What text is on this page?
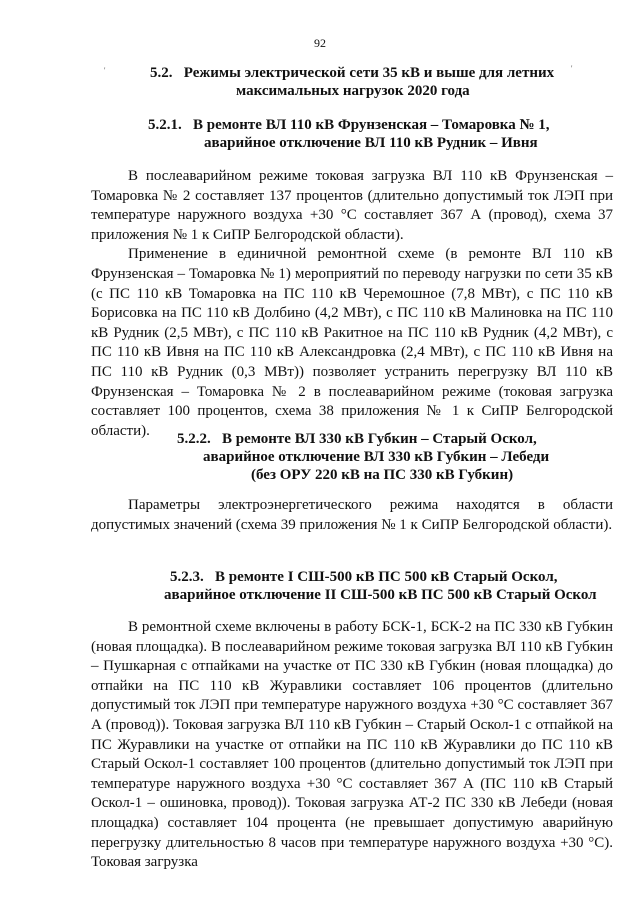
92
5.2. Режимы электрической сети 35 кВ и выше для летних
максимальных нагрузок 2020 года
5.2.1. В ремонте ВЛ 110 кВ Фрунзенская – Томаровка № 1,
аварийное отключение ВЛ 110 кВ Рудник – Ивня

В послеаварийном режиме токовая загрузка ВЛ 110 кВ Фрунзенская – Томаровка № 2 составляет 137 процентов (длительно допустимый ток ЛЭП при температуре наружного воздуха +30 °С составляет 367 А (провод), схема 37 приложения № 1 к СиПР Белгородской области).

Применение в единичной ремонтной схеме (в ремонте ВЛ 110 кВ Фрунзенская – Томаровка № 1) мероприятий по переводу нагрузки по сети 35 кВ (с ПС 110 кВ Томаровка на ПС 110 кВ Черемошное (7,8 МВт), с ПС 110 кВ Борисовка на ПС 110 кВ Долбино (4,2 МВт), с ПС 110 кВ Малиновка на ПС 110 кВ Рудник (2,5 МВт), с ПС 110 кВ Ракитное на ПС 110 кВ Рудник (4,2 МВт), с ПС 110 кВ Ивня на ПС 110 кВ Александровка (2,4 МВт), с ПС 110 кВ Ивня на ПС 110 кВ Рудник (0,3 МВт)) позволяет устранить перегрузку ВЛ 110 кВ Фрунзенская – Томаровка № 2 в послеаварийном режиме (токовая загрузка составляет 100 процентов, схема 38 приложения № 1 к СиПР Белгородской области).

5.2.2. В ремонте ВЛ 330 кВ Губкин – Старый Оскол,
аварийное отключение ВЛ 330 кВ Губкин – Лебеди
(без ОРУ 220 кВ на ПС 330 кВ Губкин)

Параметры электроэнергетического режима находятся в области допустимых значений (схема 39 приложения № 1 к СиПР Белгородской области).

5.2.3. В ремонте I СШ-500 кВ ПС 500 кВ Старый Оскол,
аварийное отключение II СШ-500 кВ ПС 500 кВ Старый Оскол

В ремонтной схеме включены в работу БСК-1, БСК-2 на ПС 330 кВ Губкин (новая площадка). В послеаварийном режиме токовая загрузка ВЛ 110 кВ Губкин – Пушкарная с отпайками на участке от ПС 330 кВ Губкин (новая площадка) до отпайки на ПС 110 кВ Журавлики составляет 106 процентов (длительно допустимый ток ЛЭП при температуре наружного воздуха +30 °С составляет 367 А (провод)). Токовая загрузка ВЛ 110 кВ Губкин – Старый Оскол-1 с отпайкой на ПС Журавлики на участке от отпайки на ПС 110 кВ Журавлики до ПС 110 кВ Старый Оскол-1 составляет 100 процентов (длительно допустимый ток ЛЭП при температуре наружного воздуха +30 °С составляет 367 А (ПС 110 кВ Старый Оскол-1 – ошиновка, провод)). Токовая загрузка АТ-2 ПС 330 кВ Лебеди (новая площадка) составляет 104 процента (не превышает допустимую аварийную перегрузку длительностью 8 часов при температуре наружного воздуха +30 °С). Токовая загрузка

'	'
